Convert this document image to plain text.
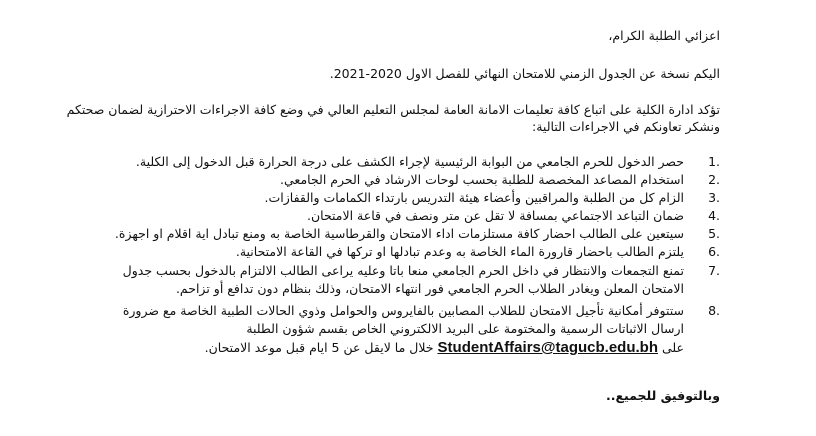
اعزائي الطلبة الكرام،
اليكم نسخة عن الجدول الزمني للامتحان النهائي للفصل الاول 2020-2021.
تؤكد ادارة الكلية على اتباع كافة تعليمات الامانة العامة لمجلس التعليم العالي في وضع كافة الاجراءات الاحترازية لضمان صحتكم
ونشكر تعاونكم في الاجراءات التالية:
1.حصر الدخول للحرم الجامعي من البوابة الرئيسية لإجراء الكشف على درجة الحرارة قبل الدخول إلى الكلية.
2.استخدام المصاعد المخصصة للطلبة بحسب لوحات الارشاد في الحرم الجامعي.
3.الزام كل من الطلبة والمراقبين وأعضاء هيئة التدريس بارتداء الكمامات والقفازات.
4.ضمان التباعد الاجتماعي بمسافة لا تقل عن متر ونصف في قاعة الامتحان.
5.سيتعين على الطالب احضار كافة مستلزمات اداء الامتحان والقرطاسية الخاصة به ومنع تبادل اية اقلام او اجهزة.
6.يلتزم الطالب باحضار قارورة الماء الخاصة به وعدم تبادلها او تركها في القاعة الامتحانية.
7.تمنع التجمعات والانتظار في داخل الحرم الجامعي منعا باتا وعليه يراعى الطالب الالتزام بالدخول بحسب جدول
الامتحان المعلن ويغادر الطلاب الحرم الجامعي فور انتهاء الامتحان، وذلك بنظام دون تدافع أو تزاحم.
8.ستتوفر أمكانية تأجيل الامتحان للطلاب المصابين بالفايروس والحوامل وذوي الحالات الطبية الخاصة مع ضرورة
ارسال الاثباتات الرسمية والمختومة على البريد الالكتروني الخاص بقسم شؤون الطلبة
على StudentAffairs@tagucb.edu.bh خلال ما لايقل عن 5 ايام قبل موعد الامتحان.
وبالتوفيق للجميع..
